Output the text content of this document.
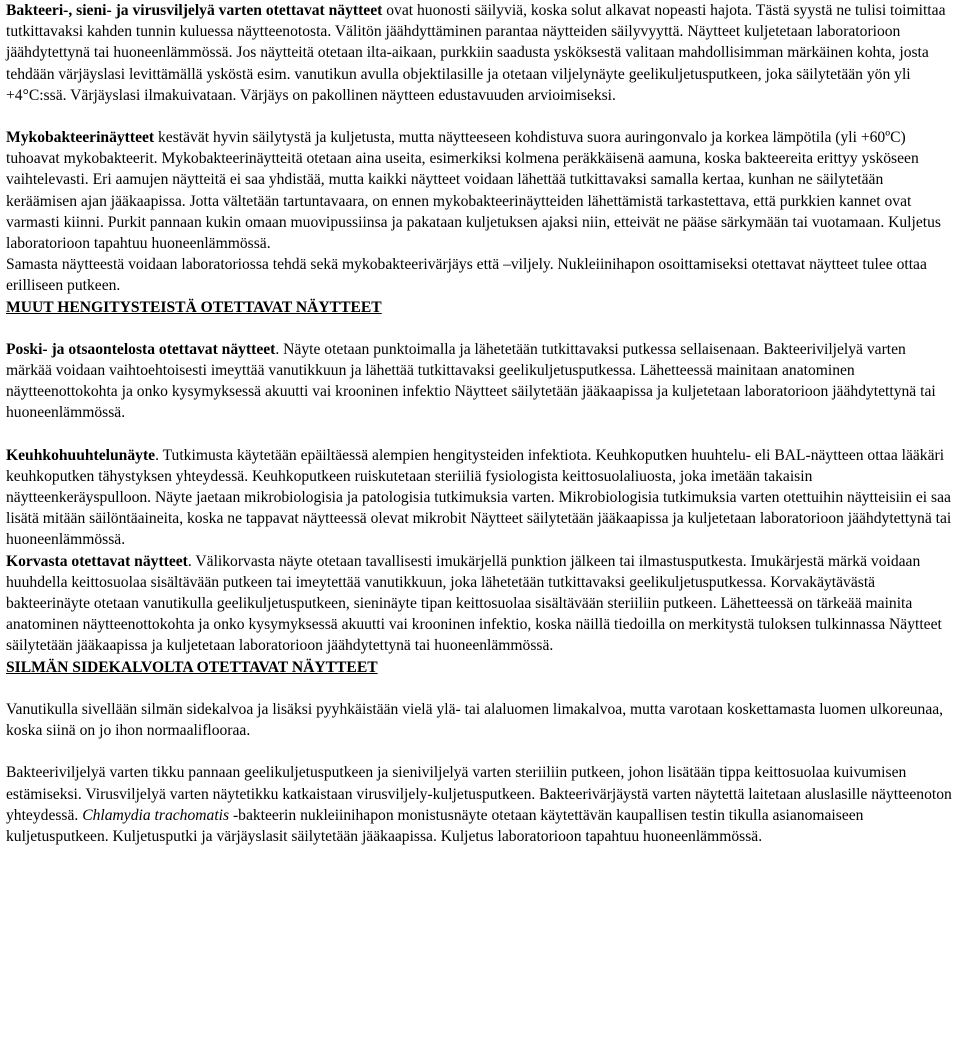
Bakteeri-, sieni- ja virusviljelyä varten otettavat näytteet ovat huonosti säilyviä, koska solut alkavat nopeasti hajota. Tästä syystä ne tulisi toimittaa tutkittavaksi kahden tunnin kuluessa näytteenotosta. Välitön jäähdyttäminen parantaa näytteiden säilyvyyttä. Näytteet kuljetetaan laboratorioon jäähdytettynä tai huoneenlämmössä. Jos näytteitä otetaan ilta-aikaan, purkkiin saadusta ysköksestä valitaan mahdollisimman märkäinen kohta, josta tehdään värjäyslasi levittämällä ysköstä esim. vanutikun avulla objektilasille ja otetaan viljelynäyte geelikuljetusputkeen, joka säilytetään yön yli +4°C:ssä. Värjäyslasi ilmakuivataan. Värjäys on pakollinen näytteen edustavuuden arvioimiseksi.

Mykobakteerinäytteet kestävät hyvin säilytystä ja kuljetusta, mutta näytteeseen kohdistuva suora auringonvalo ja korkea lämpötila (yli +60ºC) tuhoavat mykobakteerit. Mykobakteerinäytteitä otetaan aina useita, esimerkiksi kolmena peräkkäisenä aamuna, koska bakteereita erittyy ysköseen vaihtelevasti. Eri aamujen näytteitä ei saa yhdistää, mutta kaikki näytteet voidaan lähettää tutkittavaksi samalla kertaa, kunhan ne säilytetään keräämisen ajan jääkaapissa. Jotta vältetään tartuntavaara, on ennen mykobakteerinäytteiden lähettämistä tarkastettava, että purkkien kannet ovat varmasti kiinni. Purkit pannaan kukin omaan muovipussiinsa ja pakataan kuljetuksen ajaksi niin, etteivät ne pääse särkymään tai vuotamaan. Kuljetus laboratorioon tapahtuu huoneenlämmössä.

Samasta näytteestä voidaan laboratoriossa tehdä sekä mykobakteerivärjäys että –viljely. Nukleiinihapon osoittamiseksi otettavat näytteet tulee ottaa erilliseen putkeen.

MUUT HENGITYSTEISTÄ OTETTAVAT NÄYTTEET

Poski- ja otsaontelosta otettavat näytteet. Näyte otetaan punktoimalla ja lähetetään tutkittavaksi putkessa sellaisenaan. Bakteeriviljelyä varten märkää voidaan vaihtoehtoisesti imeyttää vanutikkuun ja lähettää tutkittavaksi geelikuljetusputkessa. Lähetteessä mainitaan anatominen näytteenottokohta ja onko kysymyksessä akuutti vai krooninen infektio Näytteet säilytetään jääkaapissa ja kuljetetaan laboratorioon jäähdytettynä tai huoneenlämmössä.

Keuhkohuuhtelunäyte. Tutkimusta käytetään epäiltäessä alempien hengitysteiden infektiota. Keuhkoputken huuhtelu- eli BAL-näytteen ottaa lääkäri keuhkoputken tähystyksen yhteydessä. Keuhkoputkeen ruiskutetaan steriiliä fysiologista keittosuolaliuosta, joka imetään takaisin näytteenkeräyspulloon. Näyte jaetaan mikrobiologisia ja patologisia tutkimuksia varten. Mikrobiologisia tutkimuksia varten otettuihin näytteisiin ei saa lisätä mitään säilöntäaineita, koska ne tappavat näytteessä olevat mikrobit Näytteet säilytetään jääkaapissa ja kuljetetaan laboratorioon jäähdytettynä tai huoneenlämmössä.

Korvasta otettavat näytteet. Välikorvasta näyte otetaan tavallisesti imukärjellä punktion jälkeen tai ilmastusputkesta. Imukärjestä märkä voidaan huuhdella keittosuolaa sisältävään putkeen tai imeytettää vanutikkuun, joka lähetetään tutkittavaksi geelikuljetusputkessa. Korvakäytävästä bakteerinäyte otetaan vanutikulla geelikuljetusputkeen, sieninäyte tipan keittosuolaa sisältävään steriiliin putkeen. Lähetteessä on tärkeää mainita anatominen näytteenottokohta ja onko kysymyksessä akuutti vai krooninen infektio, koska näillä tiedoilla on merkitystä tuloksen tulkinnassa Näytteet säilytetään jääkaapissa ja kuljetetaan laboratorioon jäähdytettynä tai huoneenlämmössä.

SILMÄN SIDEKALVOLTA OTETTAVAT NÄYTTEET

Vanutikulla sivellään silmän sidekalvoa ja lisäksi pyyhkäistään vielä ylä- tai alaluomen limakalvoa, mutta varotaan koskettamasta luomen ulkoreunaa, koska siinä on jo ihon normaaliflooraa.

Bakteeriviljelyä varten tikku pannaan geelikuljetusputkeen ja sieniviljelyä varten steriiliin putkeen, johon lisätään tippa keittosuolaa kuivumisen estämiseksi. Virusviljelyä varten näytetikku katkaistaan virusviljely-kuljetusputkeen. Bakteerivärjäystä varten näytettä laitetaan aluslasille näytteenoton yhteydessä. Chlamydia trachomatis -bakteerin nukleiinihapon monistusnäyte otetaan käytettävän kaupallisen testin tikulla asianomaiseen kuljetusputkeen. Kuljetusputki ja värjäyslasit säilytetään jääkaapissa. Kuljetus laboratorioon tapahtuu huoneenlämmössä.
